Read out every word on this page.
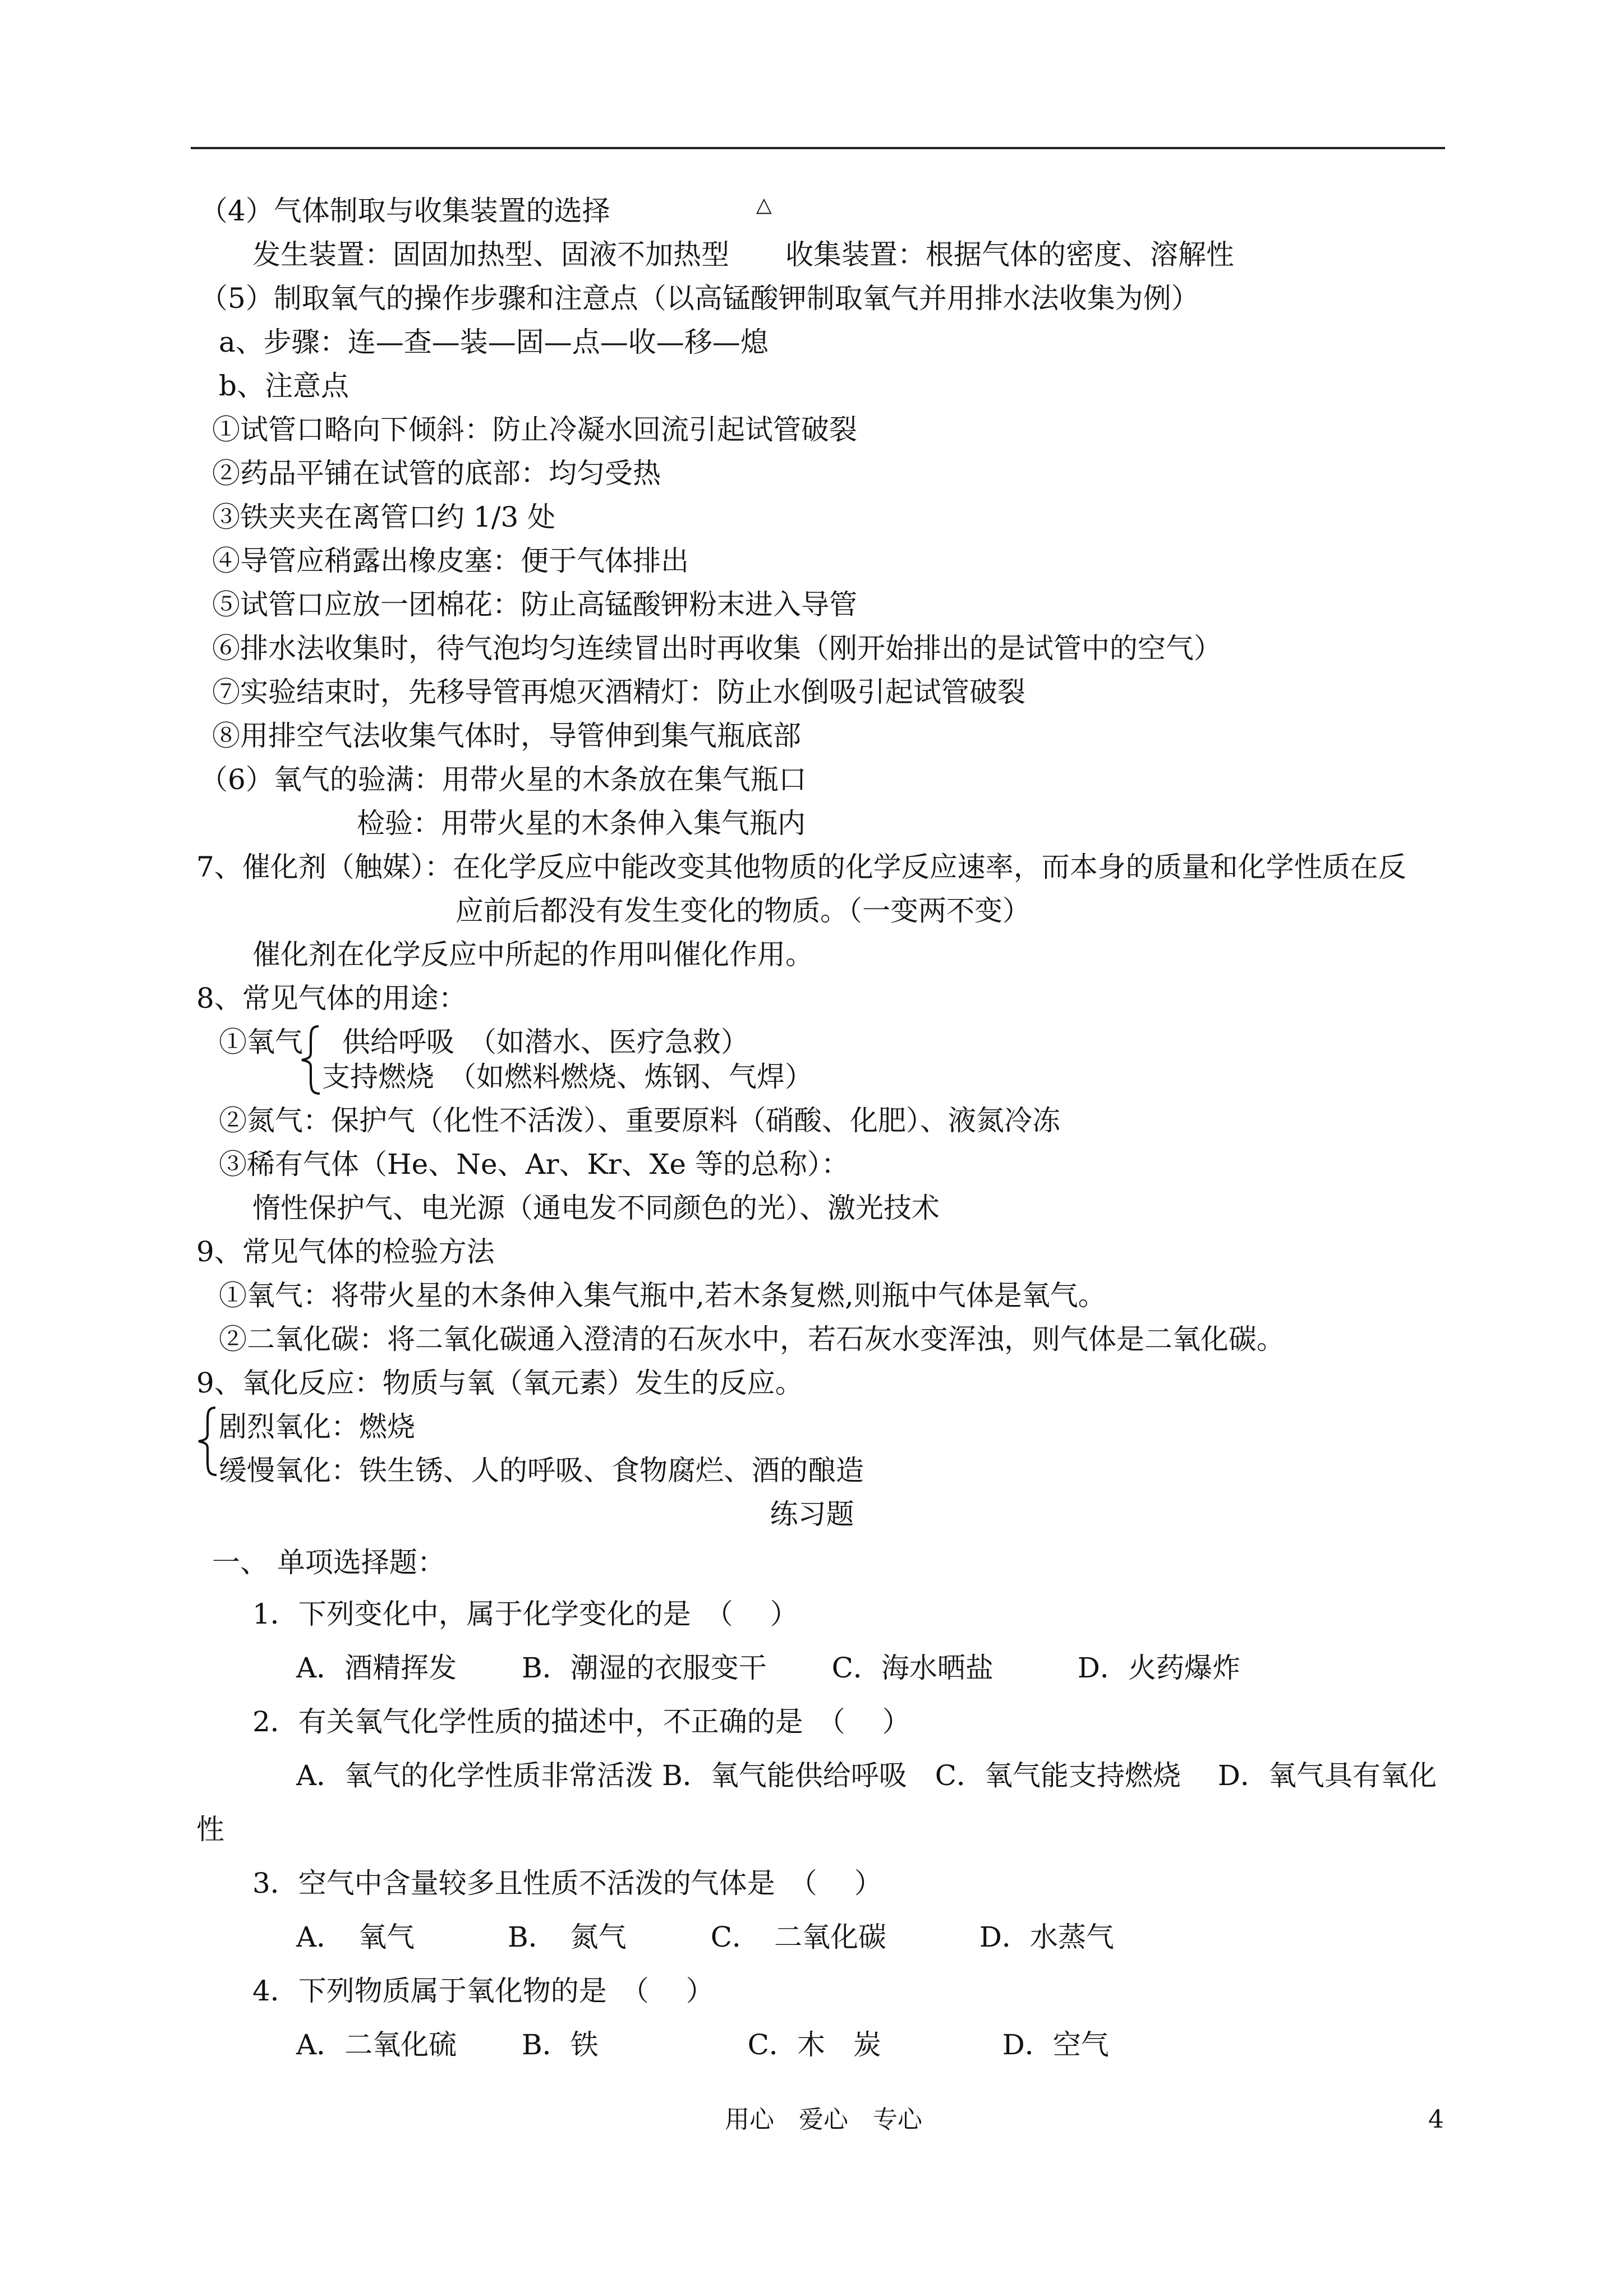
（4）气体制取与收集装置的选择	△
发生装置：固固加热型、固液不加热型　　收集装置：根据气体的密度、溶解性
（5）制取氧气的操作步骤和注意点（以高锰酸钾制取氧气并用排水法收集为例）
a、步骤：连—查—装—固—点—收—移—熄
b、注意点
①试管口略向下倾斜：防止冷凝水回流引起试管破裂
②药品平铺在试管的底部：均匀受热
③铁夹夹在离管口约 1/3 处
④导管应稍露出橡皮塞：便于气体排出
⑤试管口应放一团棉花：防止高锰酸钾粉末进入导管
⑥排水法收集时，待气泡均匀连续冒出时再收集（刚开始排出的是试管中的空气）
⑦实验结束时，先移导管再熄灭酒精灯：防止水倒吸引起试管破裂
⑧用排空气法收集气体时，导管伸到集气瓶底部
（6）氧气的验满：用带火星的木条放在集气瓶口
检验：用带火星的木条伸入集气瓶内
7、催化剂（触媒）：在化学反应中能改变其他物质的化学反应速率，而本身的质量和化学性质在反
应前后都没有发生变化的物质。（一变两不变）
催化剂在化学反应中所起的作用叫催化作用。
8、常见气体的用途：
①氧气 供给呼吸　（如潜水、医疗急救）
支持燃烧　（如燃料燃烧、炼钢、气焊）
②氮气：保护气（化性不活泼）、重要原料（硝酸、化肥）、液氮冷冻
③稀有气体（He、Ne、Ar、Kr、Xe 等的总称）：
惰性保护气、电光源（通电发不同颜色的光）、激光技术
9、常见气体的检验方法
①氧气：将带火星的木条伸入集气瓶中,若木条复燃,则瓶中气体是氧气。
②二氧化碳：将二氧化碳通入澄清的石灰水中，若石灰水变浑浊，则气体是二氧化碳。
9、氧化反应：物质与氧（氧元素）发生的反应。
剧烈氧化：燃烧
缓慢氧化：铁生锈、人的呼吸、食物腐烂、酒的酿造
练习题
一、 单项选择题：
1．下列变化中，属于化学变化的是　（　 ）
A．酒精挥发　　 B．潮湿的衣服变干　　 C．海水晒盐　　　D．火药爆炸
2．有关氧气化学性质的描述中，不正确的是　（　 ）
A．氧气的化学性质非常活泼 B．氧气能供给呼吸　C．氧气能支持燃烧　 D．氧气具有氧化
性
3．空气中含量较多且性质不活泼的气体是　（　 ）
A．　氧气　　　 B．　氮气　　　C．　二氧化碳　　　 D．水蒸气
4．下列物质属于氧化物的是　（　 ）
A．二氧化硫　　 B．铁　　　　　 C．木　炭　　　　 D．空气
用心　爱心　专心	4
